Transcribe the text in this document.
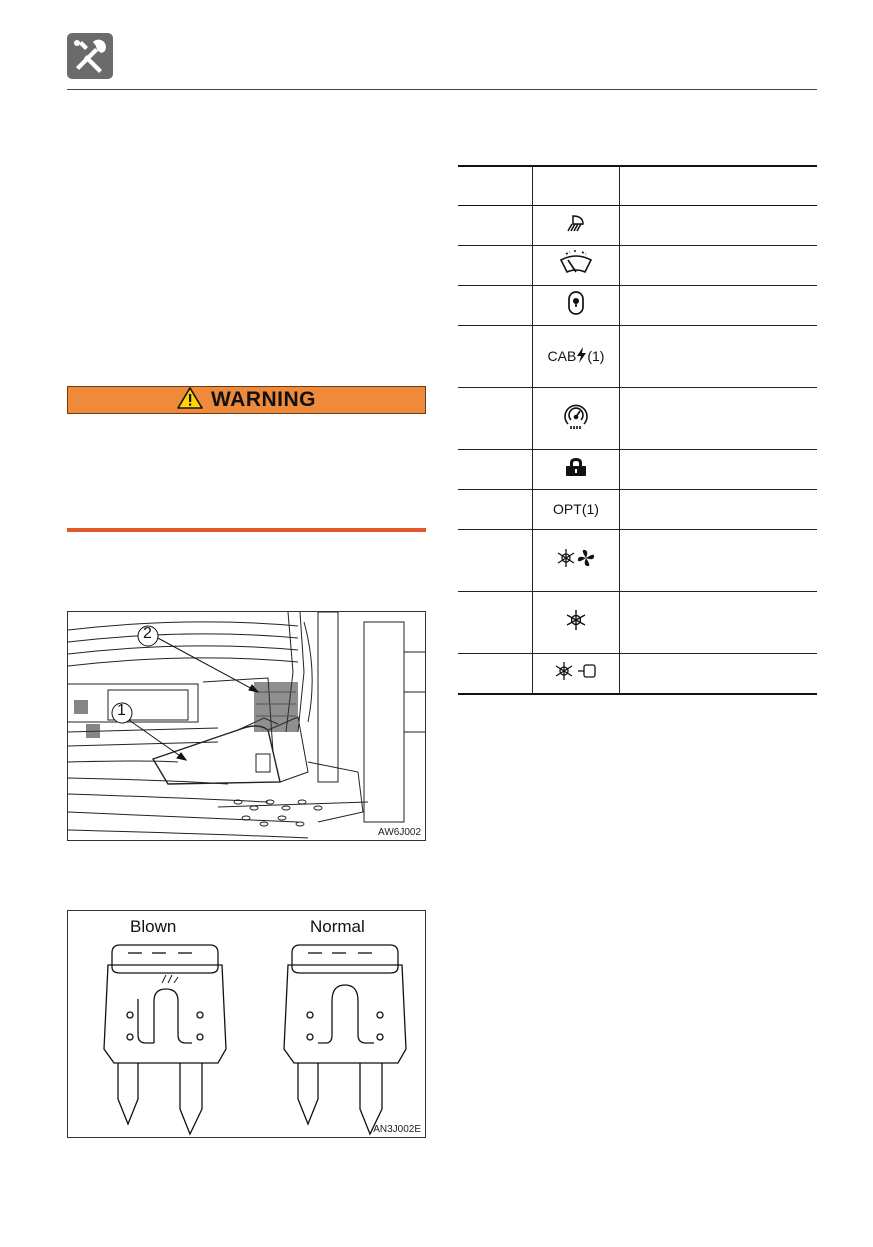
WARNING
2
1
AW6J002
Blown	Normal
AN3J002E

	CAB (1)	

	OPT(1)	
